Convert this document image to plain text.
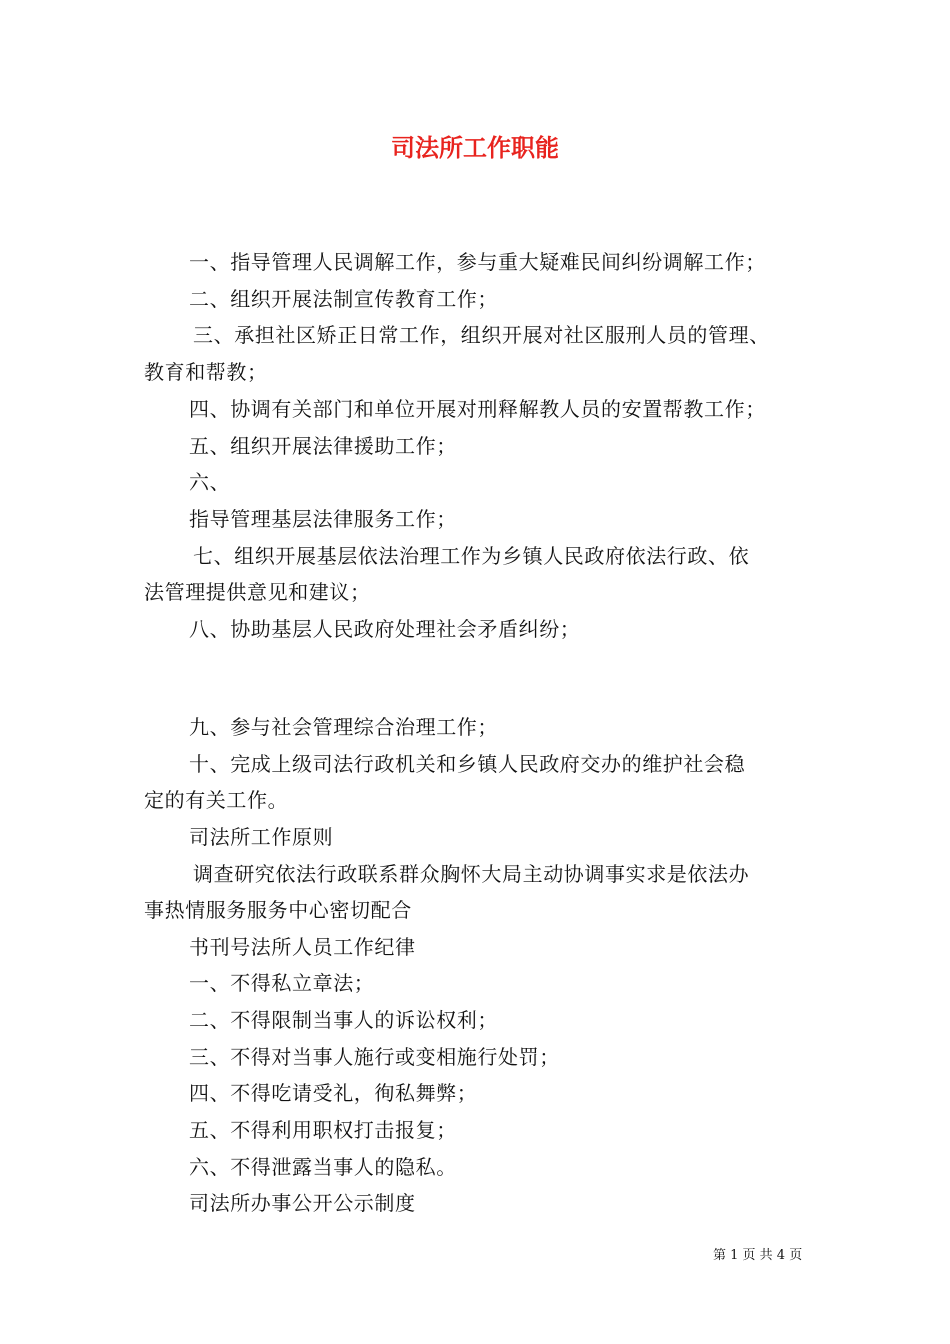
司法所工作职能
一、指导管理人民调解工作，参与重大疑难民间纠纷调解工作；
二、组织开展法制宣传教育工作；
三、承担社区矫正日常工作，组织开展对社区服刑人员的管理、
教育和帮教；
四、协调有关部门和单位开展对刑释解教人员的安置帮教工作；
五、组织开展法律援助工作；
六、
指导管理基层法律服务工作；
七、组织开展基层依法治理工作为乡镇人民政府依法行政、依
法管理提供意见和建议；
八、协助基层人民政府处理社会矛盾纠纷；
九、参与社会管理综合治理工作；
十、完成上级司法行政机关和乡镇人民政府交办的维护社会稳
定的有关工作。
司法所工作原则
调查研究依法行政联系群众胸怀大局主动协调事实求是依法办
事热情服务服务中心密切配合
书刊号法所人员工作纪律
一、不得私立章法；
二、不得限制当事人的诉讼权利；
三、不得对当事人施行或变相施行处罚；
四、不得吃请受礼，徇私舞弊；
五、不得利用职权打击报复；
六、不得泄露当事人的隐私。
司法所办事公开公示制度
第 1 页 共 4 页
